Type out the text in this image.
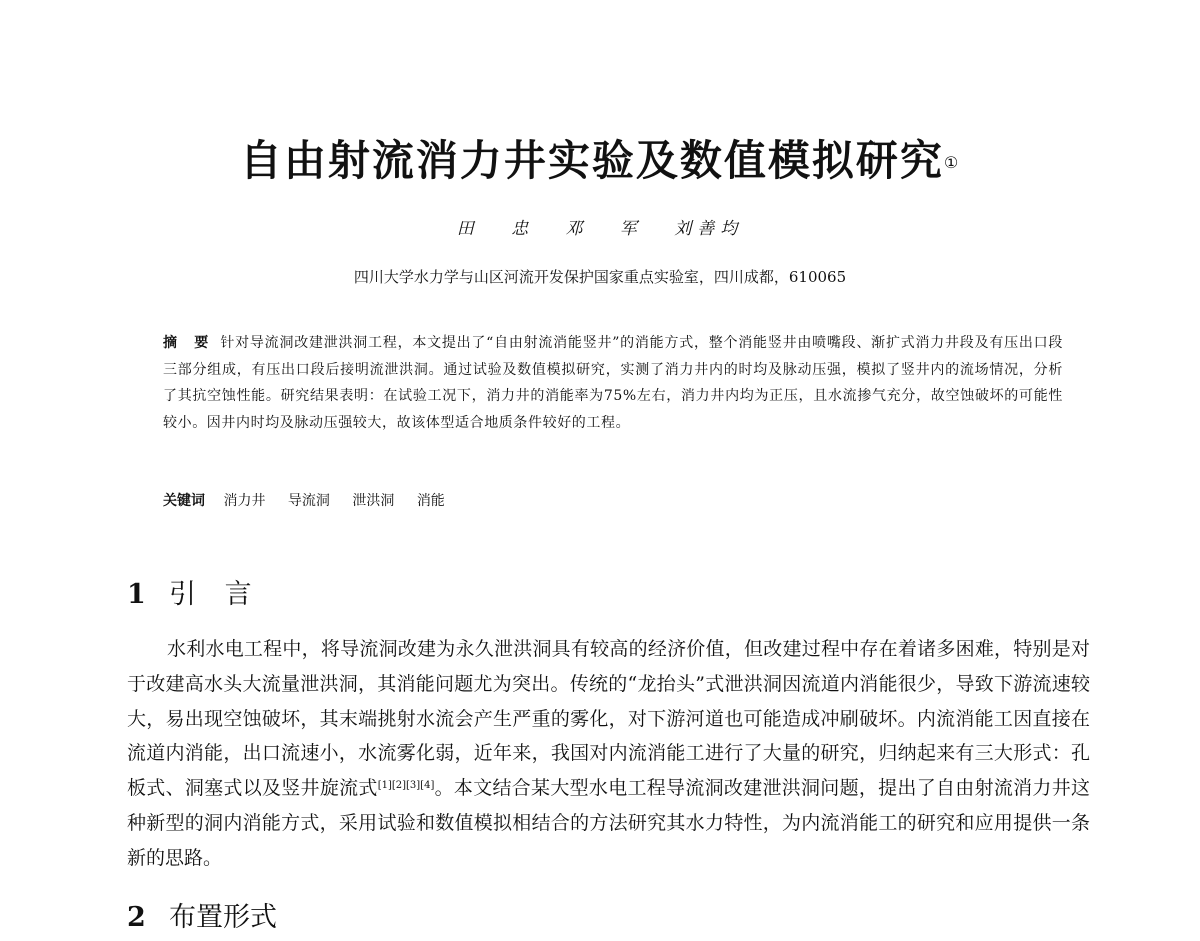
自由射流消力井实验及数值模拟研究①
田 忠 邓 军 刘善均
四川大学水力学与山区河流开发保护国家重点实验室，四川成都，610065
摘 要 针对导流洞改建泄洪洞工程，本文提出了“自由射流消能竖井”的消能方式，整个消能竖井由喷嘴段、渐扩式消力井段及有压出口段三部分组成，有压出口段后接明流泄洪洞。通过试验及数值模拟研究，实测了消力井内的时均及脉动压强，模拟了竖井内的流场情况，分析了其抗空蚀性能。研究结果表明：在试验工况下，消力井的消能率为75%左右，消力井内均为正压，且水流掺气充分，故空蚀破坏的可能性较小。因井内时均及脉动压强较大，故该体型适合地质条件较好的工程。
关键词 消力井 导流洞 泄洪洞 消能
1 引 言
水利水电工程中，将导流洞改建为永久泄洪洞具有较高的经济价值，但改建过程中存在着诸多困难，特别是对于改建高水头大流量泄洪洞，其消能问题尤为突出。传统的“龙抬头”式泄洪洞因流道内消能很少，导致下游流速较大，易出现空蚀破坏，其末端挑射水流会产生严重的雾化，对下游河道也可能造成冲刷破坏。内流消能工因直接在流道内消能，出口流速小，水流雾化弱，近年来，我国对内流消能工进行了大量的研究，归纳起来有三大形式：孔板式、洞塞式以及竖井旋流式[1][2][3][4]。本文结合某大型水电工程导流洞改建泄洪洞问题，提出了自由射流消力井这种新型的洞内消能方式，采用试验和数值模拟相结合的方法研究其水力特性，为内流消能工的研究和应用提供一条新的思路。
2 布置形式
